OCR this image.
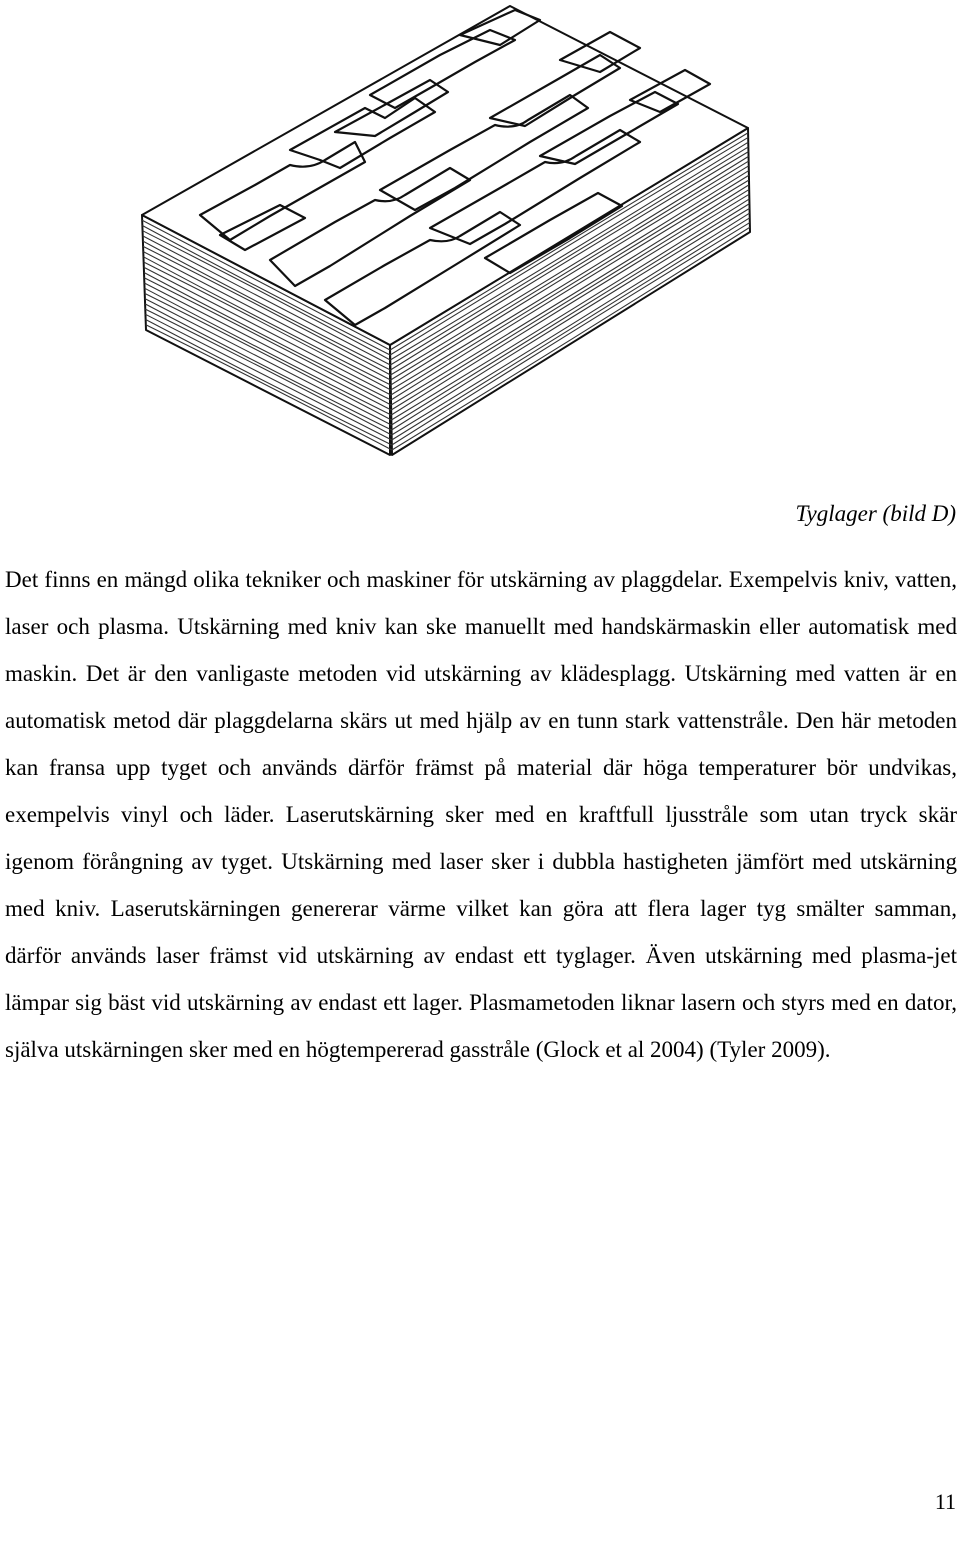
Tyglager (bild D)

Det finns en mängd olika tekniker och maskiner för utskärning av plaggdelar. Exempelvis kniv, vatten, laser och plasma. Utskärning med kniv kan ske manuellt med handskärmaskin eller automatisk med maskin. Det är den vanligaste metoden vid utskärning av klädesplagg. Utskärning med vatten är en automatisk metod där plaggdelarna skärs ut med hjälp av en tunn stark vattenstråle. Den här metoden kan fransa upp tyget och används därför främst på material där höga temperaturer bör undvikas, exempelvis vinyl och läder. Laserutskärning sker med en kraftfull ljusstråle som utan tryck skär igenom förångning av tyget. Utskärning med laser sker i dubbla hastigheten jämfört med utskärning med kniv. Laserutskärningen genererar värme vilket kan göra att flera lager tyg smälter samman, därför används laser främst vid utskärning av endast ett tyglager. Även utskärning med plasma-jet lämpar sig bäst vid utskärning av endast ett lager. Plasmametoden liknar lasern och styrs med en dator, själva utskärningen sker med en högtempererad gasstråle (Glock et al 2004) (Tyler 2009).

11
